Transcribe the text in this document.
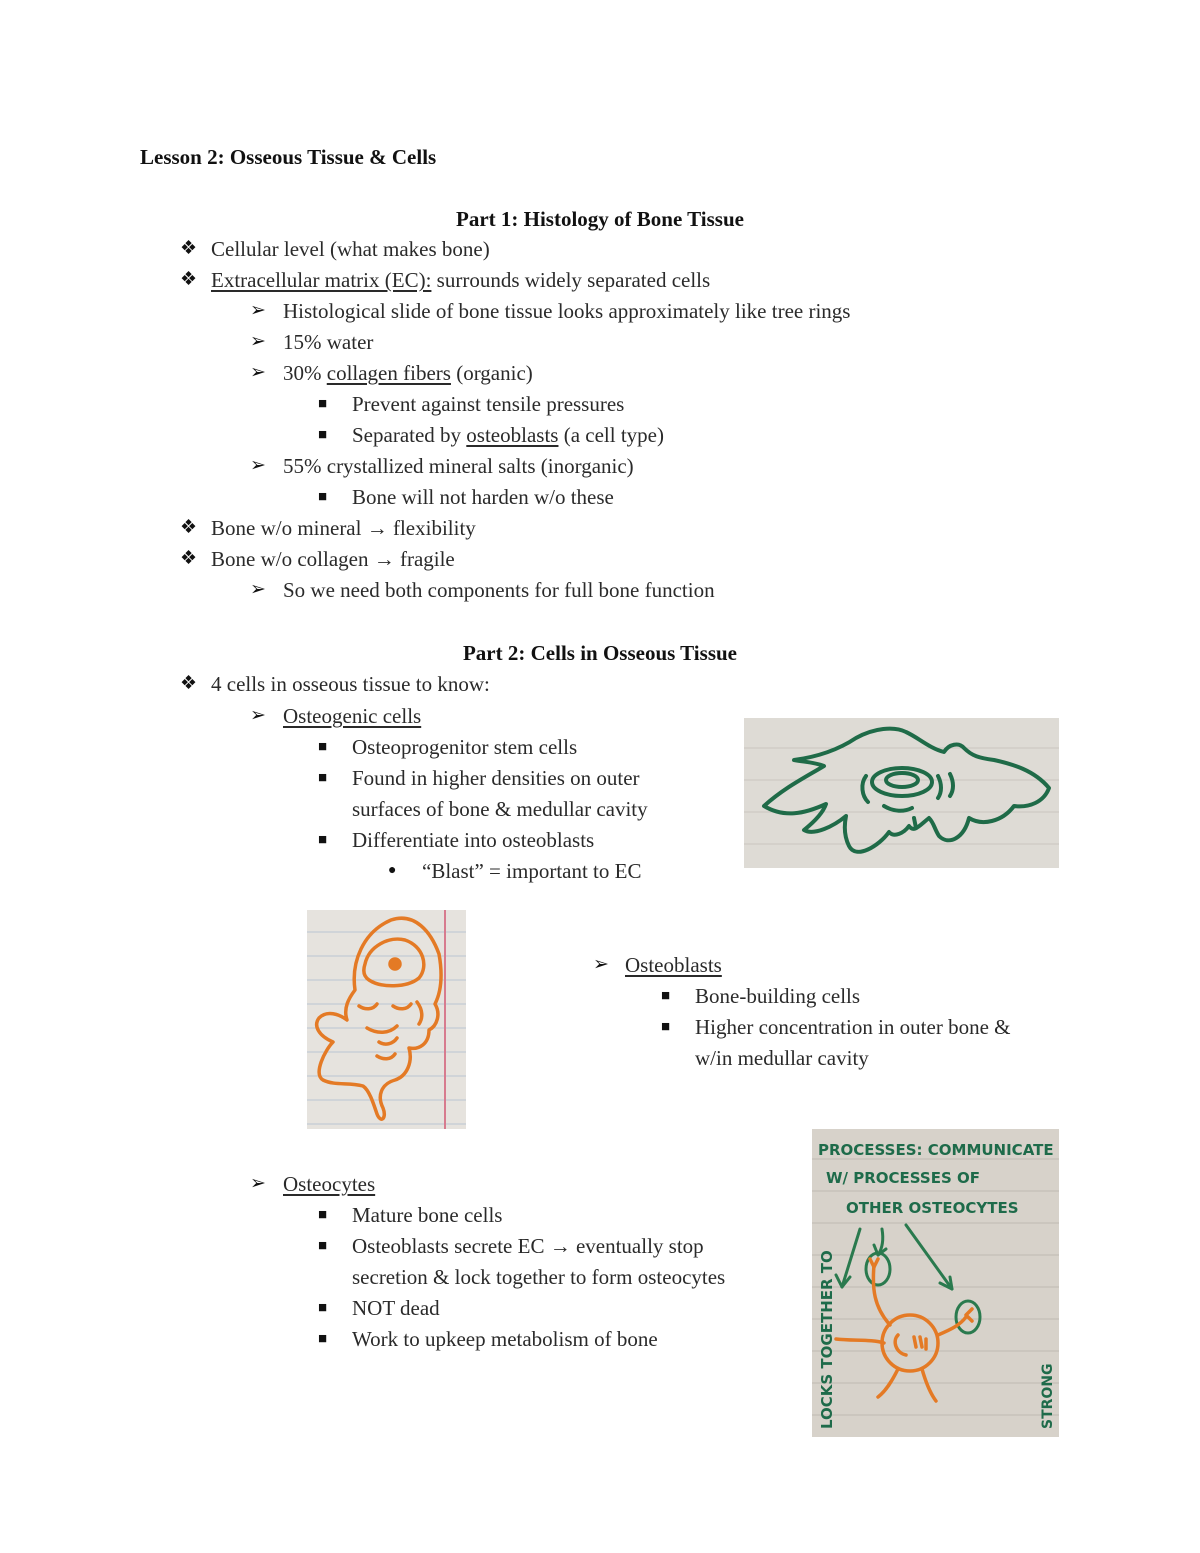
Lesson 2: Osseous Tissue & Cells
Part 1: Histology of Bone Tissue
❖ Cellular level (what makes bone)
❖ Extracellular matrix (EC): surrounds widely separated cells
➢ Histological slide of bone tissue looks approximately like tree rings
➢ 15% water
➢ 30% collagen fibers (organic)
■ Prevent against tensile pressures
■ Separated by osteoblasts (a cell type)
➢ 55% crystallized mineral salts (inorganic)
■ Bone will not harden w/o these
❖ Bone w/o mineral → flexibility
❖ Bone w/o collagen → fragile
➢ So we need both components for full bone function
Part 2: Cells in Osseous Tissue
❖ 4 cells in osseous tissue to know:
➢ Osteogenic cells
■ Osteoprogenitor stem cells
■ Found in higher densities on outer
surfaces of bone & medullar cavity
■ Differentiate into osteoblasts
● “Blast” = important to EC
➢ Osteoblasts
■ Bone-building cells
■ Higher concentration in outer bone &
w/in medullar cavity
➢ Osteocytes
■ Mature bone cells
■ Osteoblasts secrete EC → eventually stop
secretion & lock together to form osteocytes
■ NOT dead
■ Work to upkeep metabolism of bone
PROCESSES: COMMUNICATE
W/ PROCESSES OF
OTHER OSTEOCYTES
LOCKS TOGETHER TO	STRONG
